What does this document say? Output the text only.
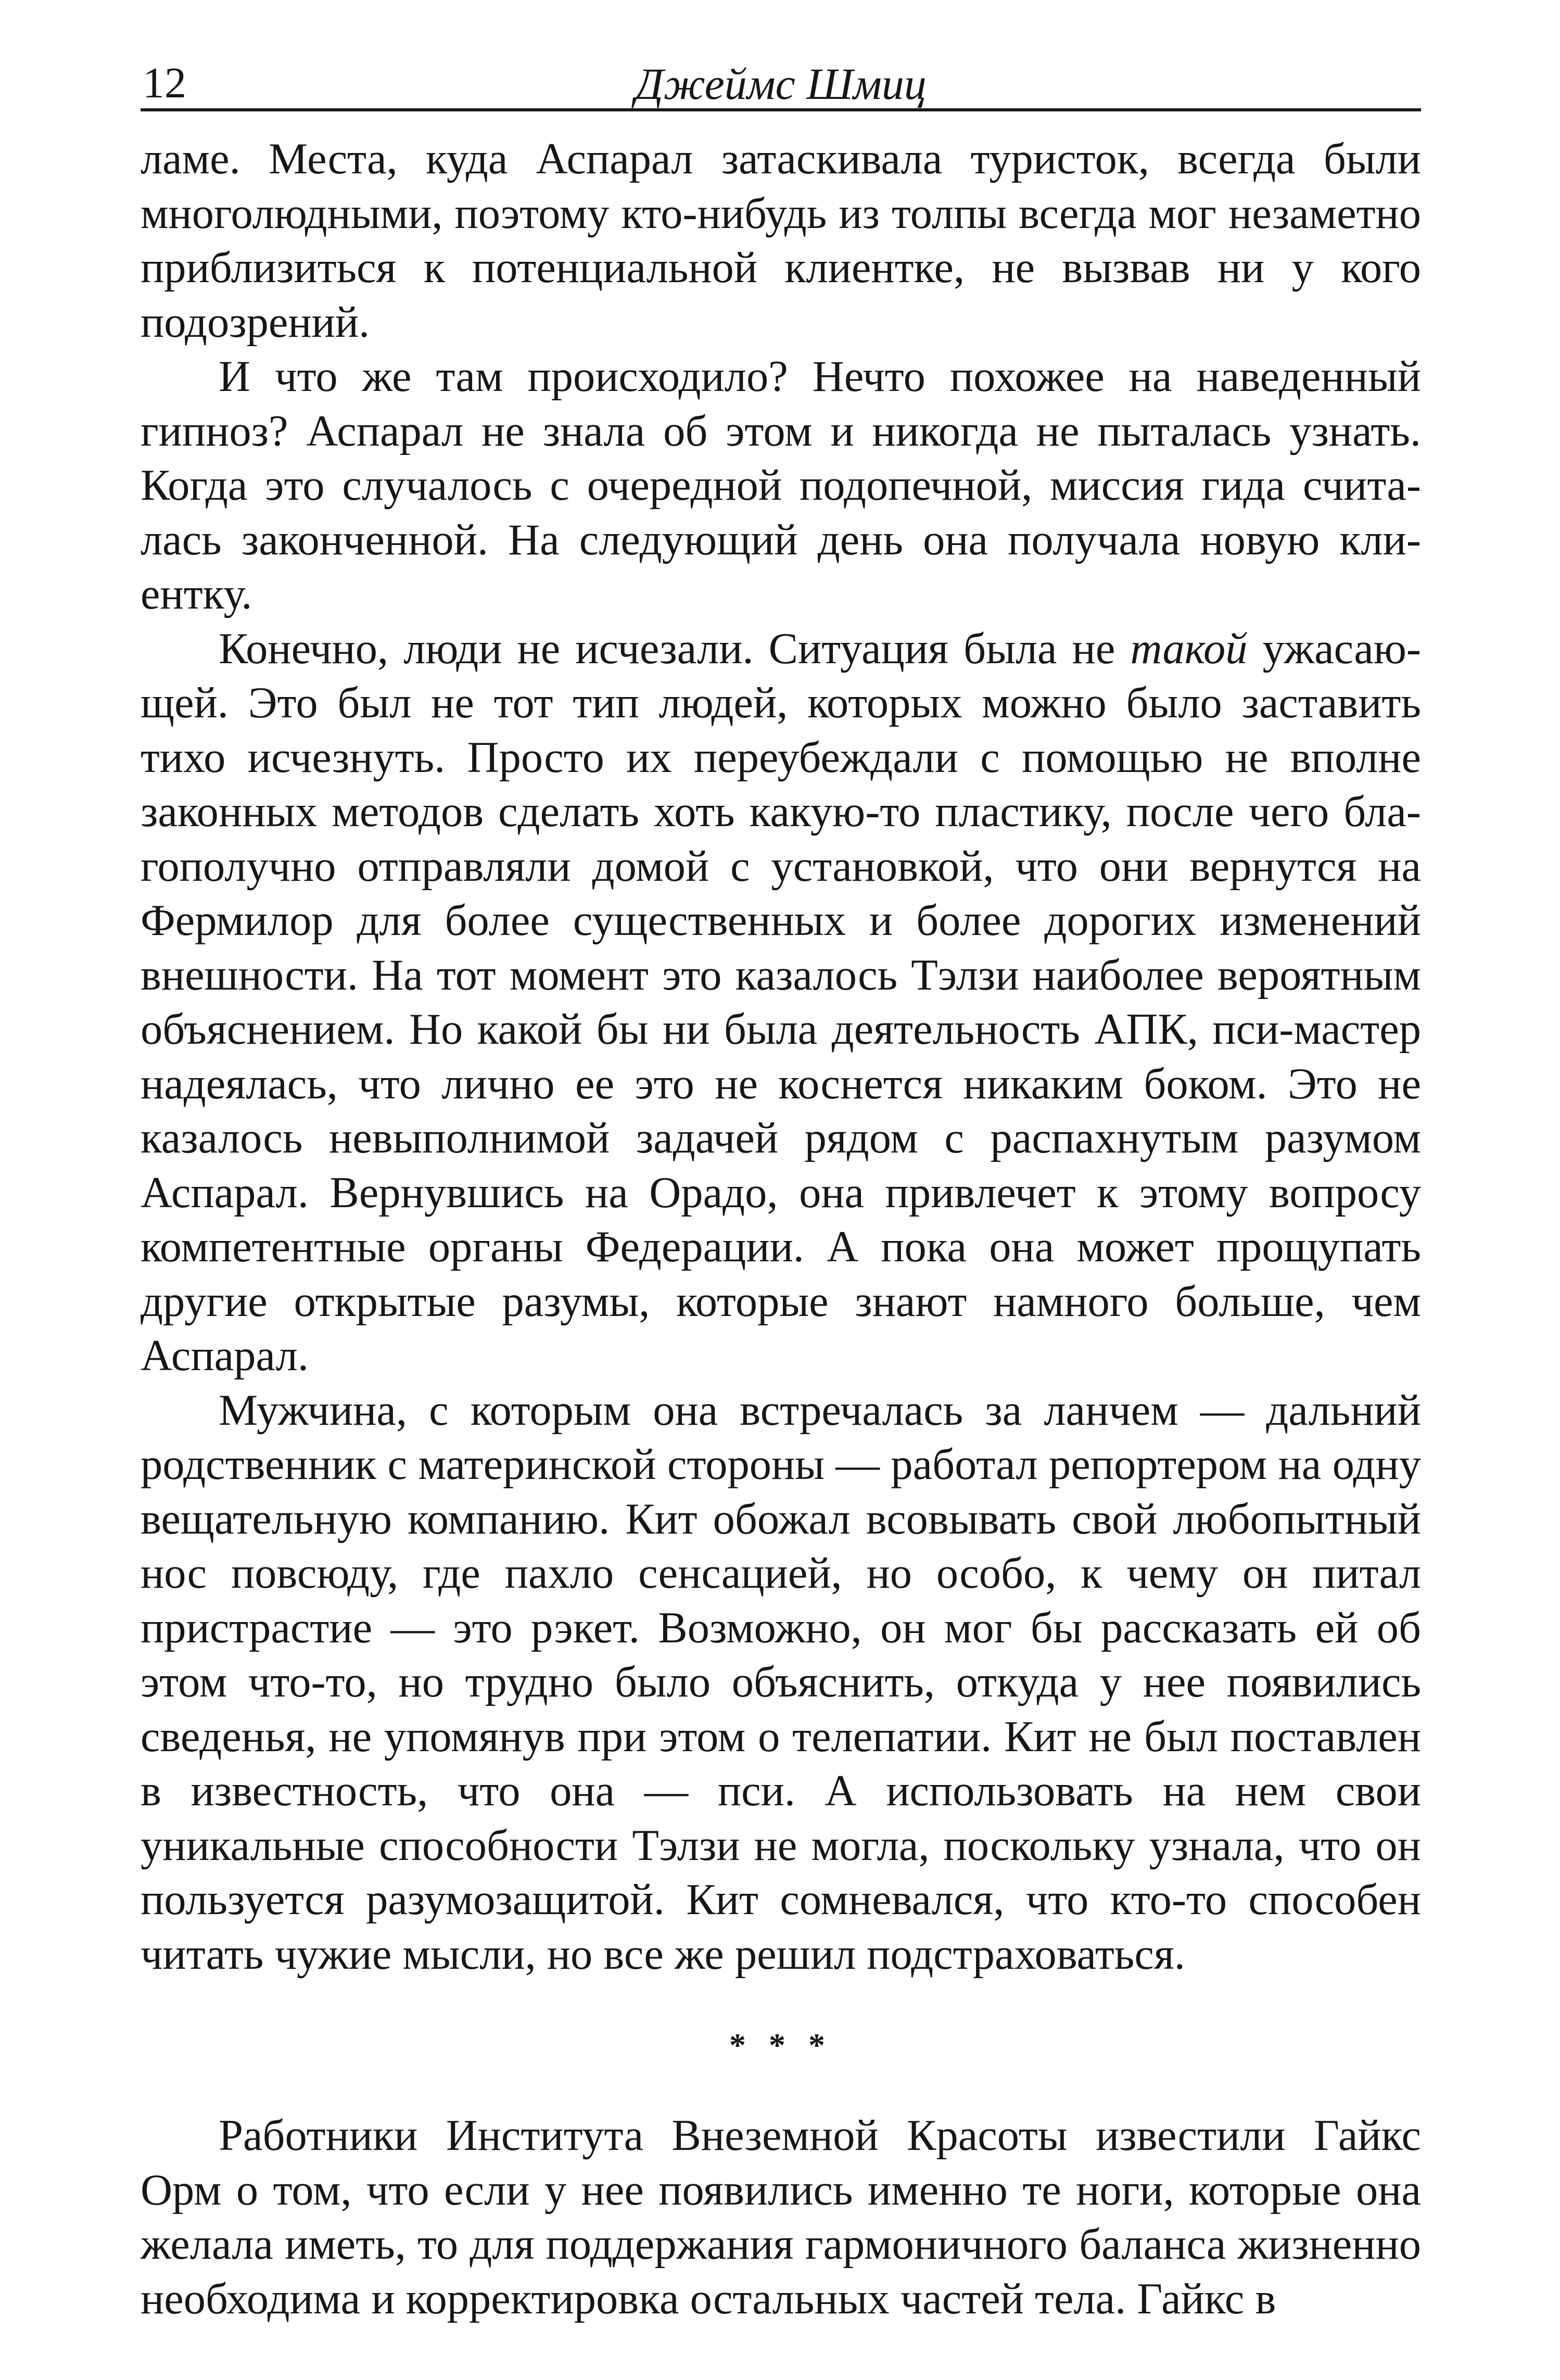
12	Джеймс Шмиц

ламе. Места, куда Аспарал затаскивала туристок, всегда были многолюдными, поэтому кто-нибудь из толпы всегда мог незаметно приблизиться к потенциальной клиентке, не вызвав ни у кого подозрений.

И что же там происходило? Нечто похожее на наведенный гипноз? Аспарал не знала об этом и никогда не пыталась узнать. Когда это случалось с очередной подопечной, миссия гида считалась законченной. На следующий день она получала новую клиентку.

Конечно, люди не исчезали. Ситуация была не такой ужасающей. Это был не тот тип людей, которых можно было заставить тихо исчезнуть. Просто их переубеждали с помощью не вполне законных методов сделать хоть какую-то пластику, после чего благополучно отправляли домой с установкой, что они вернутся на Фермилор для более существенных и более дорогих изменений внешности. На тот момент это казалось Тэлзи наиболее вероятным объяснением. Но какой бы ни была деятельность АПК, пси-мастер надеялась, что лично ее это не коснется никаким боком. Это не казалось невыполнимой задачей рядом с распахнутым разумом Аспарал. Вернувшись на Орадо, она привлечет к этому вопросу компетентные органы Федерации. А пока она может прощупать другие открытые разумы, которые знают намного больше, чем Аспарал.

Мужчина, с которым она встречалась за ланчем — дальний родственник с материнской стороны — работал репортером на одну вещательную компанию. Кит обожал всовывать свой любопытный нос повсюду, где пахло сенсацией, но особо, к чему он питал пристрастие — это рэкет. Возможно, он мог бы рассказать ей об этом что-то, но трудно было объяснить, откуда у нее появились сведенья, не упомянув при этом о телепатии. Кит не был поставлен в известность, что она — пси. А использовать на нем свои уникальные способности Тэлзи не могла, поскольку узнала, что он пользуется разумозащитой. Кит сомневался, что кто-то способен читать чужие мысли, но все же решил подстраховаться.

* * *

Работники Института Внеземной Красоты известили Гайкс Орм о том, что если у нее появились именно те ноги, которые она желала иметь, то для поддержания гармоничного баланса жизненно необходима и корректировка остальных частей тела. Гайкс в
